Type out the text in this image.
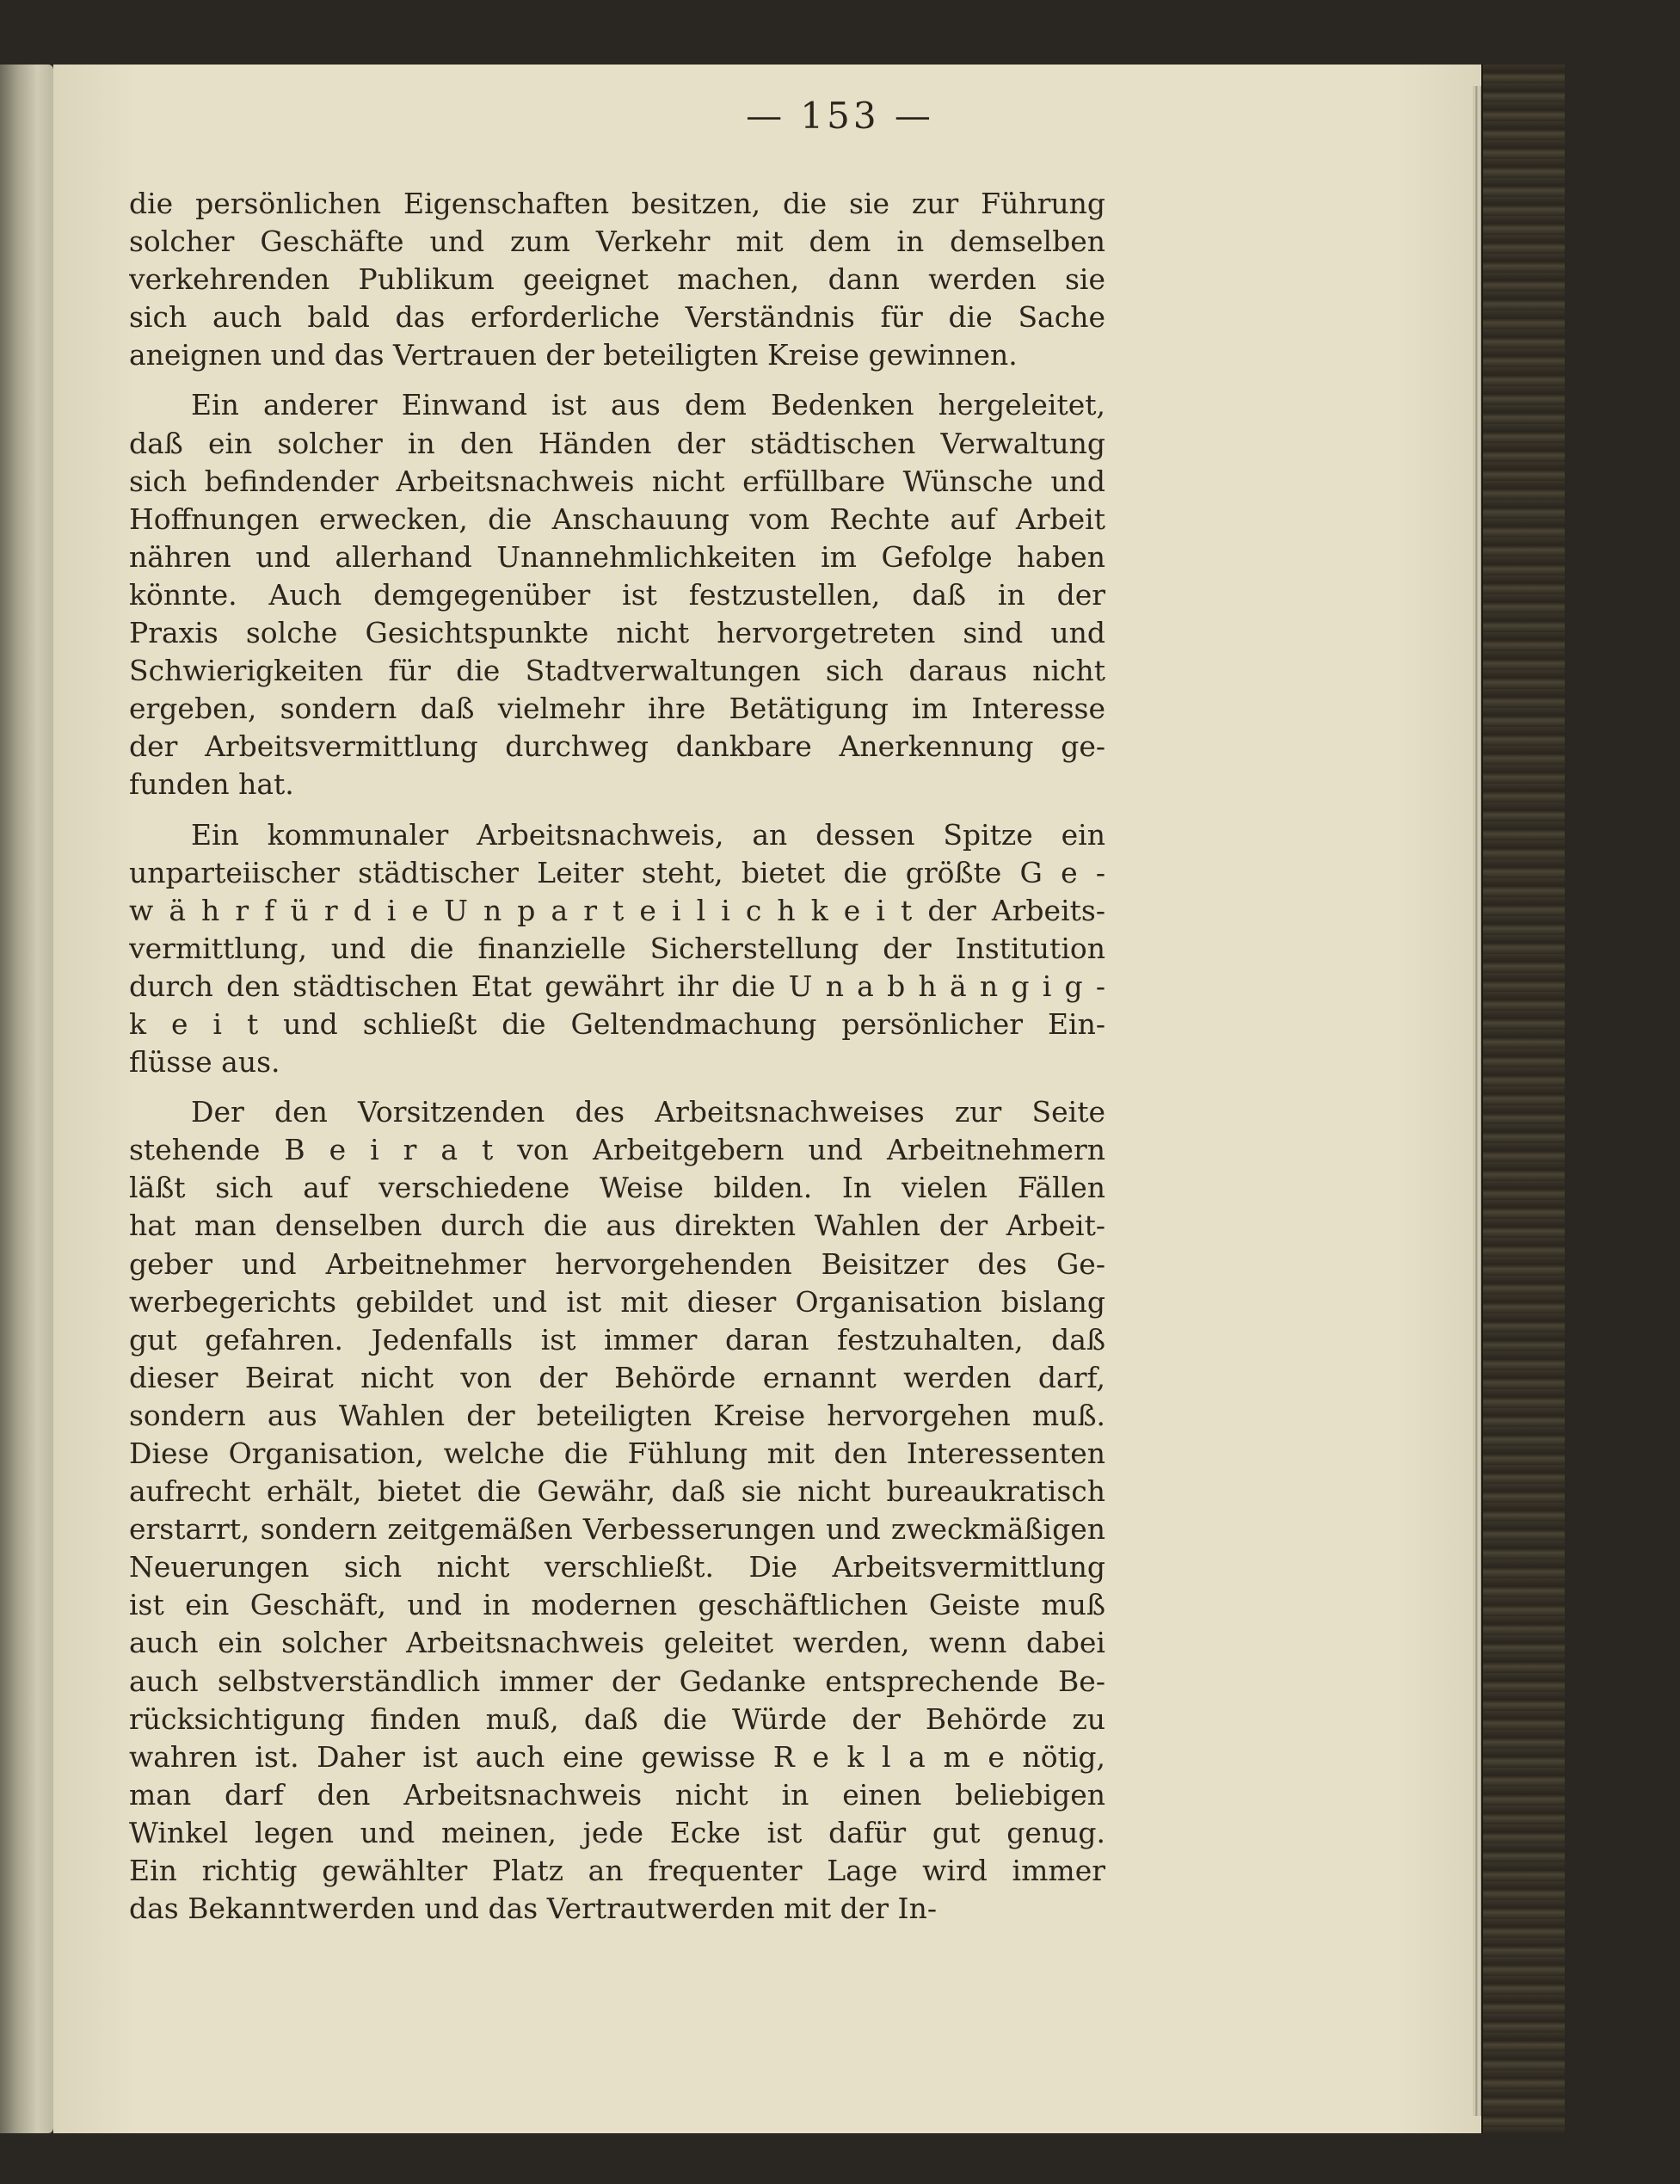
— 153 —
die persönlichen Eigenschaften besitzen, die sie zur Führung
solcher Geschäfte und zum Verkehr mit dem in demselben
verkehrenden Publikum geeignet machen, dann werden sie
sich auch bald das erforderliche Verständnis für die Sache
aneignen und das Vertrauen der beteiligten Kreise gewinnen.
Ein anderer Einwand ist aus dem Bedenken hergeleitet,
daß ein solcher in den Händen der städtischen Verwaltung
sich befindender Arbeitsnachweis nicht erfüllbare Wünsche und
Hoffnungen erwecken, die Anschauung vom Rechte auf Arbeit
nähren und allerhand Unannehmlichkeiten im Gefolge haben
könnte. Auch demgegenüber ist festzustellen, daß in der
Praxis solche Gesichtspunkte nicht hervorgetreten sind und
Schwierigkeiten für die Stadtverwaltungen sich daraus nicht
ergeben, sondern daß vielmehr ihre Betätigung im Interesse
der Arbeitsvermittlung durchweg dankbare Anerkennung ge-
funden hat.
Ein kommunaler Arbeitsnachweis, an dessen Spitze ein
unparteiischer städtischer Leiter steht, bietet die größte G e -
w ä h r f ü r d i e U n p a r t e i l i c h k e i t der Arbeits-
vermittlung, und die finanzielle Sicherstellung der Institution
durch den städtischen Etat gewährt ihr die U n a b h ä n g i g -
k e i t und schließt die Geltendmachung persönlicher Ein-
flüsse aus.
Der den Vorsitzenden des Arbeitsnachweises zur Seite
stehende B e i r a t von Arbeitgebern und Arbeitnehmern
läßt sich auf verschiedene Weise bilden. In vielen Fällen
hat man denselben durch die aus direkten Wahlen der Arbeit-
geber und Arbeitnehmer hervorgehenden Beisitzer des Ge-
werbegerichts gebildet und ist mit dieser Organisation bislang
gut gefahren. Jedenfalls ist immer daran festzuhalten, daß
dieser Beirat nicht von der Behörde ernannt werden darf,
sondern aus Wahlen der beteiligten Kreise hervorgehen muß.
Diese Organisation, welche die Fühlung mit den Interessenten
aufrecht erhält, bietet die Gewähr, daß sie nicht bureaukratisch
erstarrt, sondern zeitgemäßen Verbesserungen und zweckmäßigen
Neuerungen sich nicht verschließt. Die Arbeitsvermittlung
ist ein Geschäft, und in modernen geschäftlichen Geiste muß
auch ein solcher Arbeitsnachweis geleitet werden, wenn dabei
auch selbstverständlich immer der Gedanke entsprechende Be-
rücksichtigung finden muß, daß die Würde der Behörde zu
wahren ist. Daher ist auch eine gewisse R e k l a m e nötig,
man darf den Arbeitsnachweis nicht in einen beliebigen
Winkel legen und meinen, jede Ecke ist dafür gut genug.
Ein richtig gewählter Platz an frequenter Lage wird immer
das Bekanntwerden und das Vertrautwerden mit der In-
